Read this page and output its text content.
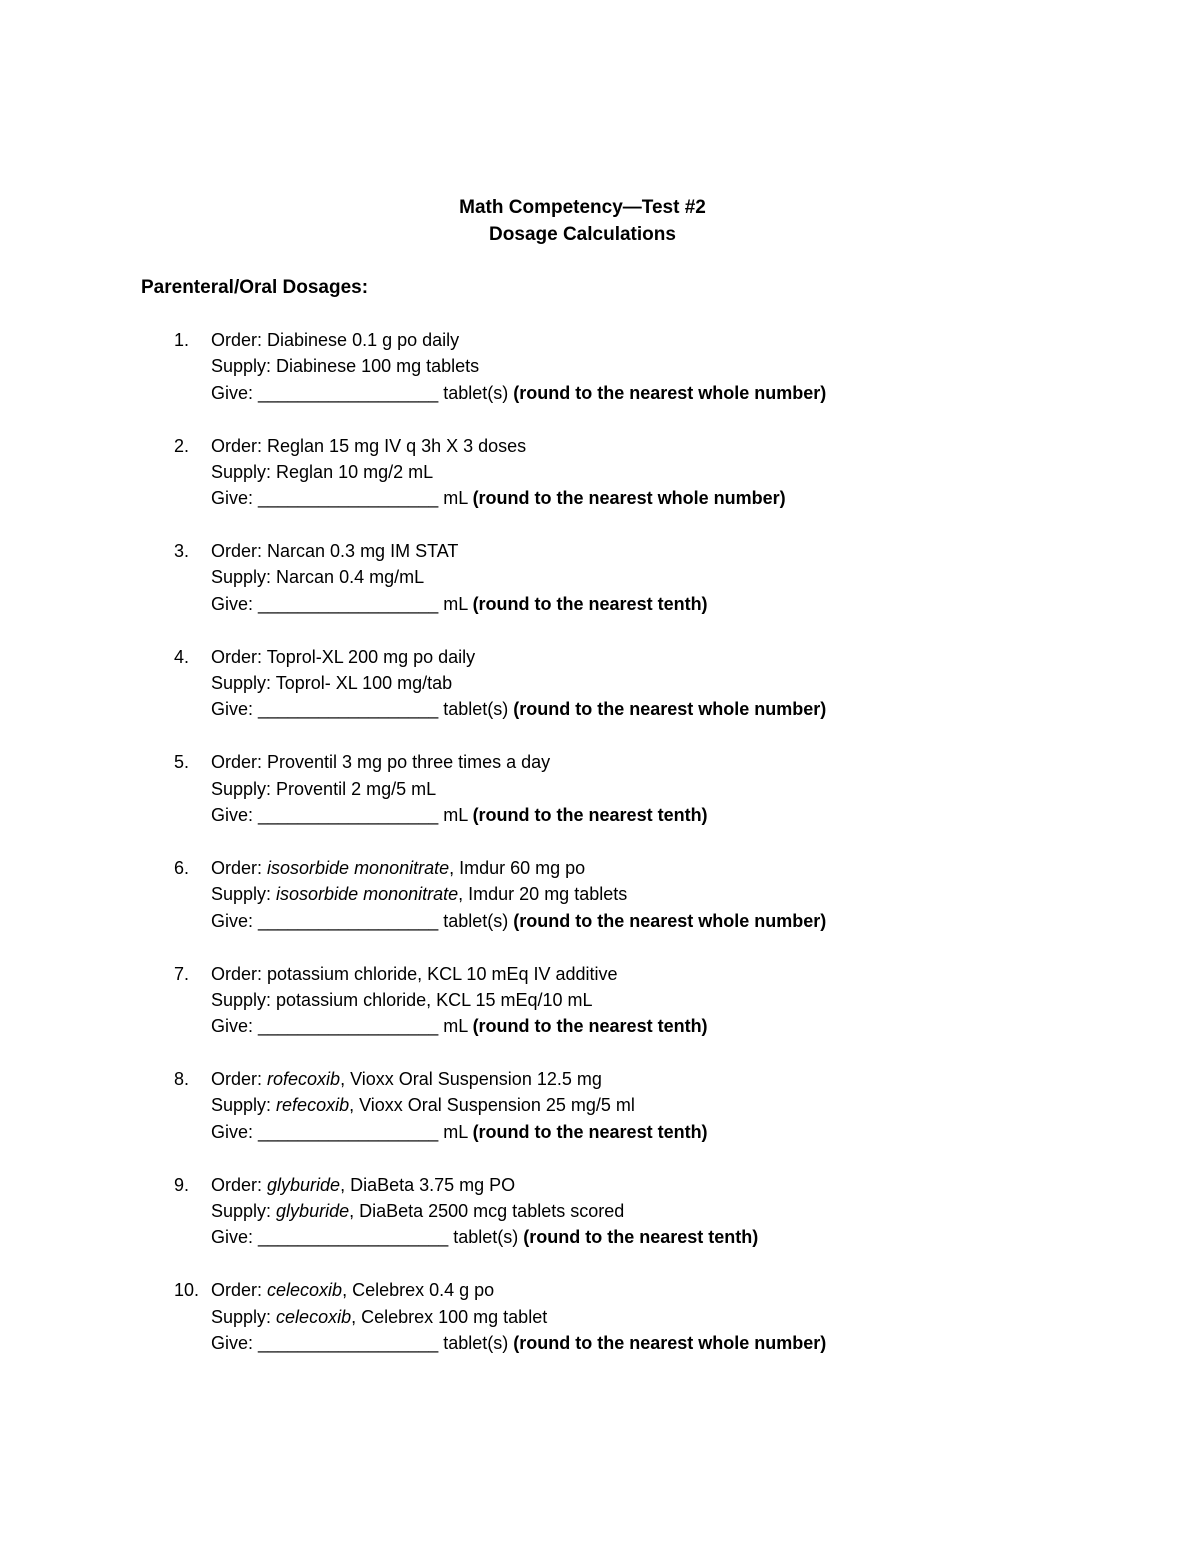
Math Competency—Test #2
Dosage Calculations
Parenteral/Oral Dosages:
1. Order: Diabinese 0.1 g po daily
Supply: Diabinese 100 mg tablets
Give: __________________ tablet(s) (round to the nearest whole number)
2. Order: Reglan 15 mg IV q 3h X 3 doses
Supply: Reglan 10 mg/2 mL
Give: __________________ mL (round to the nearest whole number)
3. Order: Narcan 0.3 mg IM STAT
Supply: Narcan 0.4 mg/mL
Give: __________________ mL (round to the nearest tenth)
4. Order: Toprol-XL 200 mg po daily
Supply: Toprol- XL 100 mg/tab
Give: __________________ tablet(s) (round to the nearest whole number)
5. Order: Proventil 3 mg po three times a day
Supply: Proventil 2 mg/5 mL
Give: __________________ mL (round to the nearest tenth)
6. Order: isosorbide mononitrate, Imdur 60 mg po
Supply: isosorbide mononitrate, Imdur 20 mg tablets
Give: __________________ tablet(s) (round to the nearest whole number)
7. Order: potassium chloride, KCL 10 mEq IV additive
Supply: potassium chloride, KCL 15 mEq/10 mL
Give: __________________ mL (round to the nearest tenth)
8. Order: rofecoxib, Vioxx Oral Suspension 12.5 mg
Supply: refecoxib, Vioxx Oral Suspension 25 mg/5 ml
Give: __________________ mL (round to the nearest tenth)
9. Order: glyburide, DiaBeta 3.75 mg PO
Supply: glyburide, DiaBeta 2500 mcg tablets scored
Give: ___________________ tablet(s) (round to the nearest tenth)
10. Order: celecoxib, Celebrex 0.4 g po
Supply: celecoxib, Celebrex 100 mg tablet
Give: __________________ tablet(s) (round to the nearest whole number)
